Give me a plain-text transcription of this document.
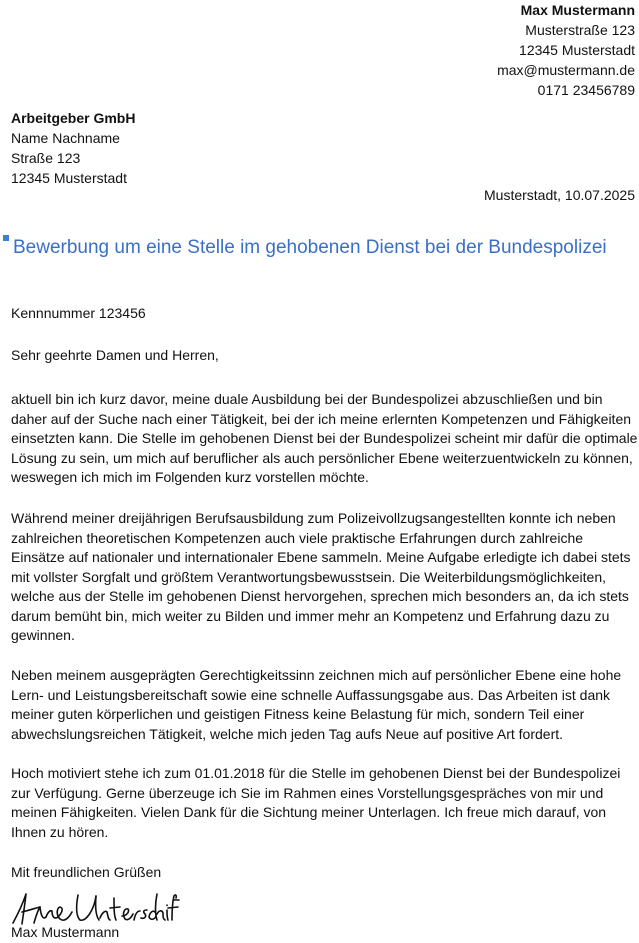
Max Mustermann
Musterstraße 123
12345 Musterstadt
max@mustermann.de
0171 23456789
Arbeitgeber GmbH
Name Nachname
Straße 123
12345 Musterstadt
Musterstadt, 10.07.2025
Bewerbung um eine Stelle im gehobenen Dienst bei der Bundespolizei
Kennnummer 123456
Sehr geehrte Damen und Herren,
aktuell bin ich kurz davor, meine duale Ausbildung bei der Bundespolizei abzuschließen und bin daher auf der Suche nach einer Tätigkeit, bei der ich meine erlernten Kompetenzen und Fähigkeiten einsetzten kann. Die Stelle im gehobenen Dienst bei der Bundespolizei scheint mir dafür die optimale Lösung zu sein, um mich auf beruflicher als auch persönlicher Ebene weiterzuentwickeln zu können, weswegen ich mich im Folgenden kurz vorstellen möchte.
Während meiner dreijährigen Berufsausbildung zum Polizeivollzugsangestellten konnte ich neben zahlreichen theoretischen Kompetenzen auch viele praktische Erfahrungen durch zahlreiche Einsätze auf nationaler und internationaler Ebene sammeln. Meine Aufgabe erledigte ich dabei stets mit vollster Sorgfalt und größtem Verantwortungsbewusstsein. Die Weiterbildungsmöglichkeiten, welche aus der Stelle im gehobenen Dienst hervorgehen, sprechen mich besonders an, da ich stets darum bemüht bin, mich weiter zu Bilden und immer mehr an Kompetenz und Erfahrung dazu zu gewinnen.
Neben meinem ausgeprägten Gerechtigkeitssinn zeichnen mich auf persönlicher Ebene eine hohe Lern- und Leistungsbereitschaft sowie eine schnelle Auffassungsgabe aus. Das Arbeiten ist dank meiner guten körperlichen und geistigen Fitness keine Belastung für mich, sondern Teil einer abwechslungsreichen Tätigkeit, welche mich jeden Tag aufs Neue auf positive Art fordert.
Hoch motiviert stehe ich zum 01.01.2018 für die Stelle im gehobenen Dienst bei der Bundespolizei zur Verfügung. Gerne überzeuge ich Sie im Rahmen eines Vorstellungsgespräches von mir und meinen Fähigkeiten. Vielen Dank für die Sichtung meiner Unterlagen. Ich freue mich darauf, von Ihnen zu hören.
Mit freundlichen Grüßen
Max Mustermann
